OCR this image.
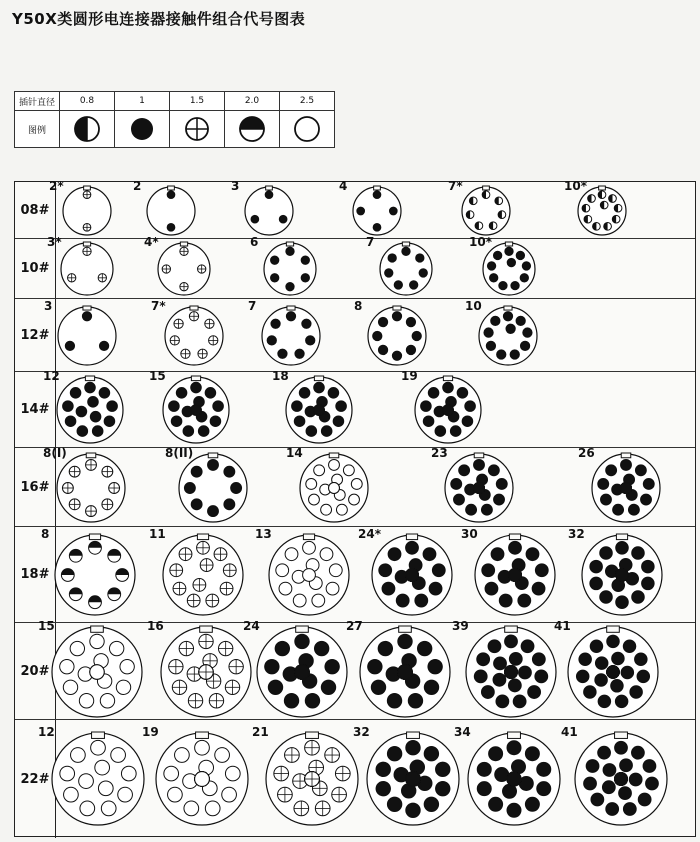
Y50X类圆形电连接器接触件组合代号图表
插针直径	0.8	1	1.5	2.0	2.5
图例	

08#
2*	2	3	4	7*	10*
10#
3*	4*	6	7	10*
12#
3	7*	7	8	10
14#
12	15	18	19
16#
8(I)	8(II)	14	23	26
18#
8	11	13	24*	30	32
20#
15	16	24	27	39	41
22#
12	19	21	32	34	41
